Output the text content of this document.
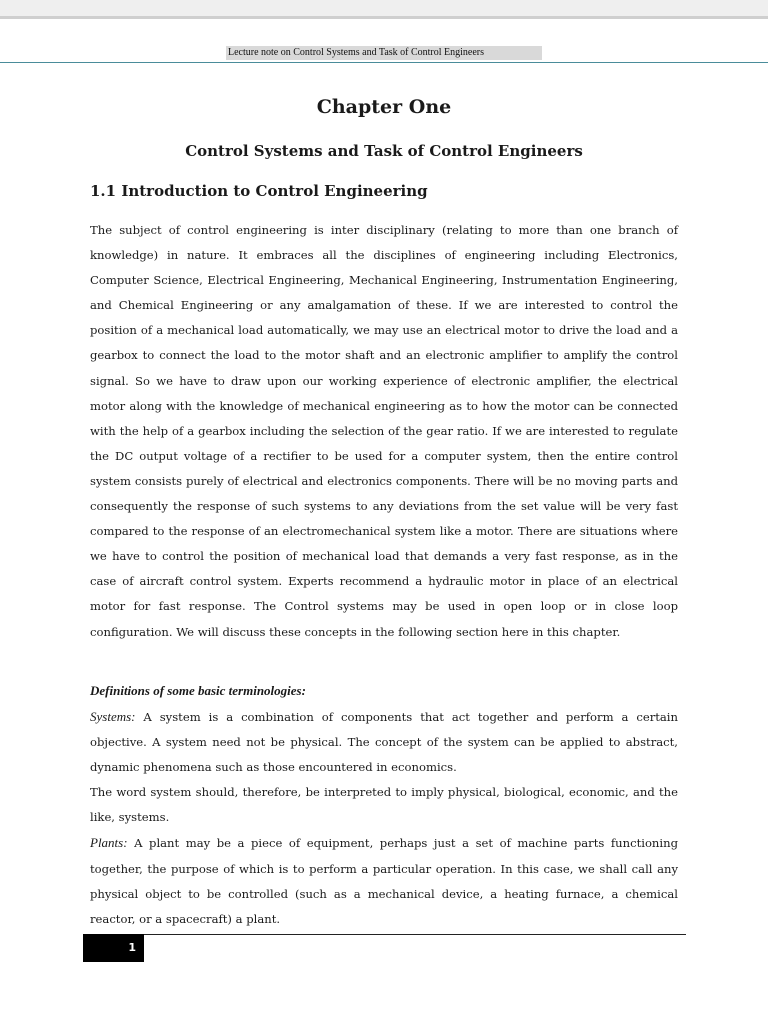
Lecture note on Control Systems and Task of Control Engineers
Chapter One
Control Systems and Task of Control Engineers
1.1 Introduction to Control Engineering

The subject of control engineering is inter disciplinary (relating to more than one branch of knowledge) in nature. It embraces all the disciplines of engineering including Electronics, Computer Science, Electrical Engineering, Mechanical Engineering, Instrumentation Engineering, and Chemical Engineering or any amalgamation of these. If we are interested to control the position of a mechanical load automatically, we may use an electrical motor to drive the load and a gearbox to connect the load to the motor shaft and an electronic amplifier to amplify the control signal. So we have to draw upon our working experience of electronic amplifier, the electrical motor along with the knowledge of mechanical engineering as to how the motor can be connected with the help of a gearbox including the selection of the gear ratio. If we are interested to regulate the DC output voltage of a rectifier to be used for a computer system, then the entire control system consists purely of electrical and electronics components. There will be no moving parts and consequently the response of such systems to any deviations from the set value will be very fast compared to the response of an electromechanical system like a motor. There are situations where we have to control the position of mechanical load that demands a very fast response, as in the case of aircraft control system. Experts recommend a hydraulic motor in place of an electrical motor for fast response. The Control systems may be used in open loop or in close loop configuration. We will discuss these concepts in the following section here in this chapter.

Definitions of some basic terminologies:
Systems: A system is a combination of components that act together and perform a certain objective. A system need not be physical. The concept of the system can be applied to abstract, dynamic phenomena such as those encountered in economics.
The word system should, therefore, be interpreted to imply physical, biological, economic, and the like, systems.
Plants: A plant may be a piece of equipment, perhaps just a set of machine parts functioning together, the purpose of which is to perform a particular operation. In this case, we shall call any physical object to be controlled (such as a mechanical device, a heating furnace, a chemical reactor, or a spacecraft) a plant.
1
